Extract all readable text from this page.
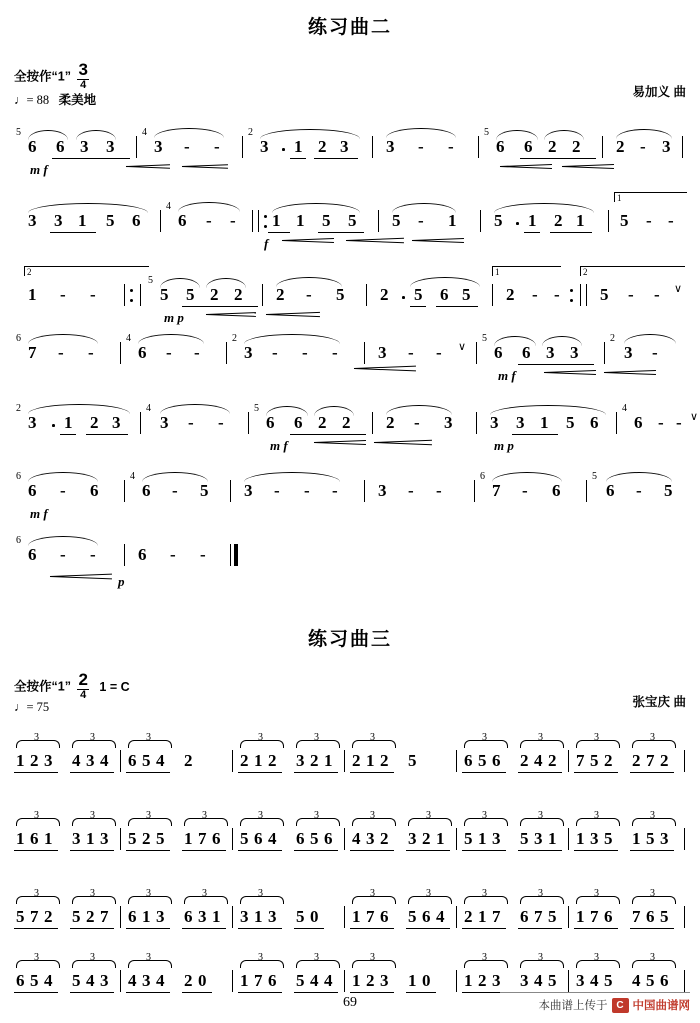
练习曲二
全按作“1” $\frac{3}{4}$
♩= 88 柔美地
易加义 曲
5

6 6 3 3
4
3 - -
2
3 1 2 3 3 - -
5
6 6 2 2 2 - 3
m f
3 3 1 5 6
4
6 - - 1 1 5 5 5 - 1 5 1 2 1 5 - -
1
f
2
1 - -
5
5 5 2 2 2 - 5 2 5 6 5
1
2 - -
2
5 - - ∨
m p
6
7 - -
4
6 - -
2
3 - - - 3 - - ∨
5
6 6 3 3
2
3 -
m f
2
3 1 2 3
4
3 - -
5
6 6 2 2 2 - 3 3 3 1 5 6
4
6 - - ∨
m f	m p
6
6 - 6
4
6 - 5 3 - - - 3 - -
6
7 - 6
5
6 - 5
m f
6
6 - - 6 - -
p
练习曲三
全按作“1” $\frac{2}{4} 1 = C$
♩= 75	张宝庆 曲
3
1 2 3
3
4 3 4
3
6 5 4 2
3
2 1 2
3
3 2 1
3
2 1 2 5
3
6 5 6
3
2 4 2
3
7 5 2
3
2 7 2
3
1 6 1
3
3 1 3
3
5 2 5
3
1 7 6
3
5 6 4
3
6 5 6
3
4 3 2
3
3 2 1
3
5 1 3
3
5 3 1
3
1 3 5
3
1 5 3
3
5 7 2
3
5 2 7
3
6 1 3
3
6 3 1
3
3 1 3 5 0
3
1 7 6
3
5 6 4
3
2 1 7
3
6 7 5
3
1 7 6
3
7 6 5
3
6 5 4
3
5 4 3
3
4 3 4 2 0
3
1 7 6
3
5 4 4
3
1 2 3 1 0
3
1 2 3
3
3 4 5
3
3 4 5
3
4 5 6
69	本曲谱上传于 C 中国曲谱网
